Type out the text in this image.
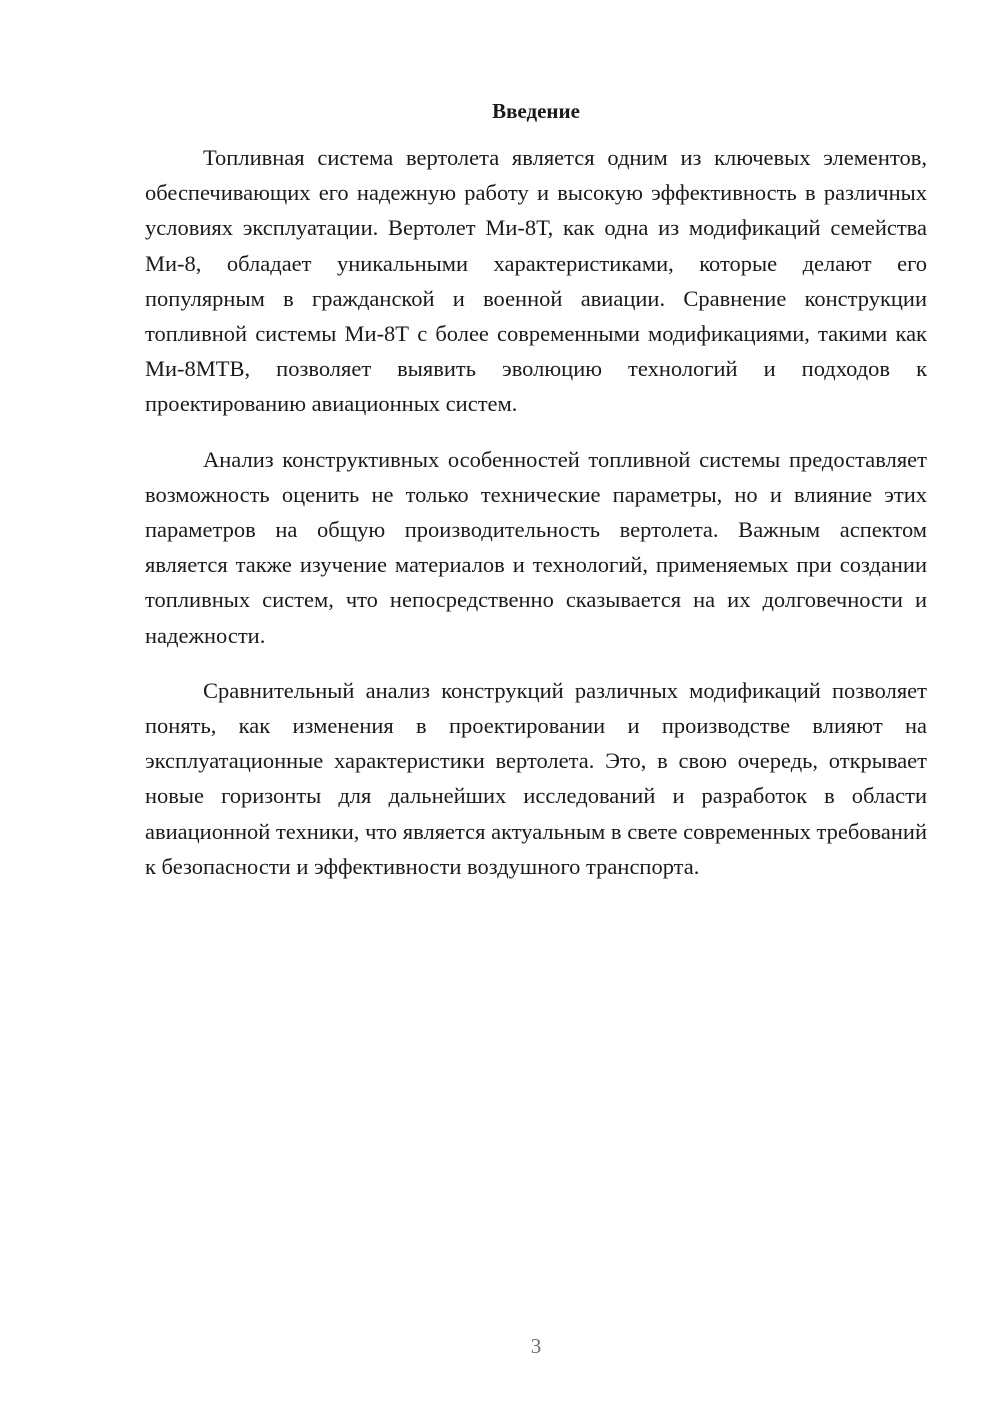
Введение

Топливная система вертолета является одним из ключевых элементов, обеспечивающих его надежную работу и высокую эффективность в различных условиях эксплуатации. Вертолет Ми-8Т, как одна из модификаций семейства Ми-8, обладает уникальными характеристиками, которые делают его популярным в гражданской и военной авиации. Сравнение конструкции топливной системы Ми-8Т с более современными модификациями, такими как Ми-8МТВ, позволяет выявить эволюцию технологий и подходов к проектированию авиационных систем.

Анализ конструктивных особенностей топливной системы предоставляет возможность оценить не только технические параметры, но и влияние этих параметров на общую производительность вертолета. Важным аспектом является также изучение материалов и технологий, применяемых при создании топливных систем, что непосредственно сказывается на их долговечности и надежности.

Сравнительный анализ конструкций различных модификаций позволяет понять, как изменения в проектировании и производстве влияют на эксплуатационные характеристики вертолета. Это, в свою очередь, открывает новые горизонты для дальнейших исследований и разработок в области авиационной техники, что является актуальным в свете современных требований к безопасности и эффективности воздушного транспорта.

3
